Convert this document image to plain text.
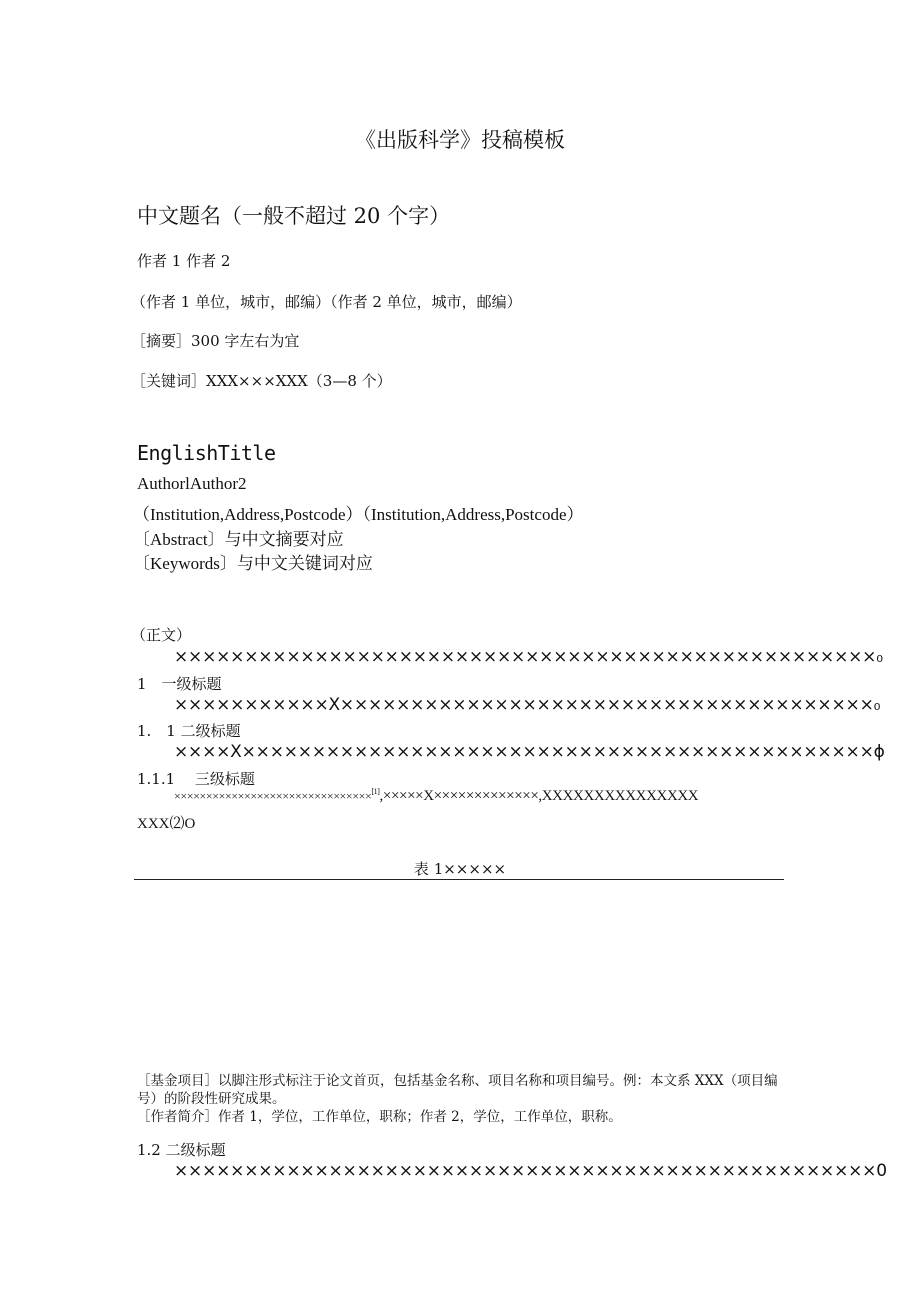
《出版科学》投稿模板
中文题名（一般不超过 20 个字）
作者 1 作者 2
（作者 1 单位，城市，邮编）（作者 2 单位，城市，邮编）
［摘要］300 字左右为宜
［关键词］XXX×××XXX（3—8 个）
EnglishTitle
AuthorlAuthor2
（Institution,Address,Postcode）（Institution,Address,Postcode）
〔Abstract〕与中文摘要对应
〔Keywords〕与中文关键词对应
（正文）
××××××××××××××××××××××××××××××××××××××××××××××××××₀
1　一级标题
×××××××××××X××××××××××××××××××××××××××××××××××××××₀
1.　1 二级标题
××××X×××××××××××××××××××××××××××××××××××××××××××××ɸ
1.1.1　 三级标题
×××××××××××××××××××××××××××××××[1],×××××X×××××××××××××,XXXXXXXXXXXXXXX
XXX⑵O
表 1×××××
［基金项目］以脚注形式标注于论文首页，包括基金名称、项目名称和项目编号。例：本文系 XXX（项目编
号）的阶段性研究成果。
［作者简介］作者 1，学位，工作单位，职称；作者 2，学位，工作单位，职称。
1.2 二级标题
××××××××××××××××××××××××××××××××××××××××××××××××××0
